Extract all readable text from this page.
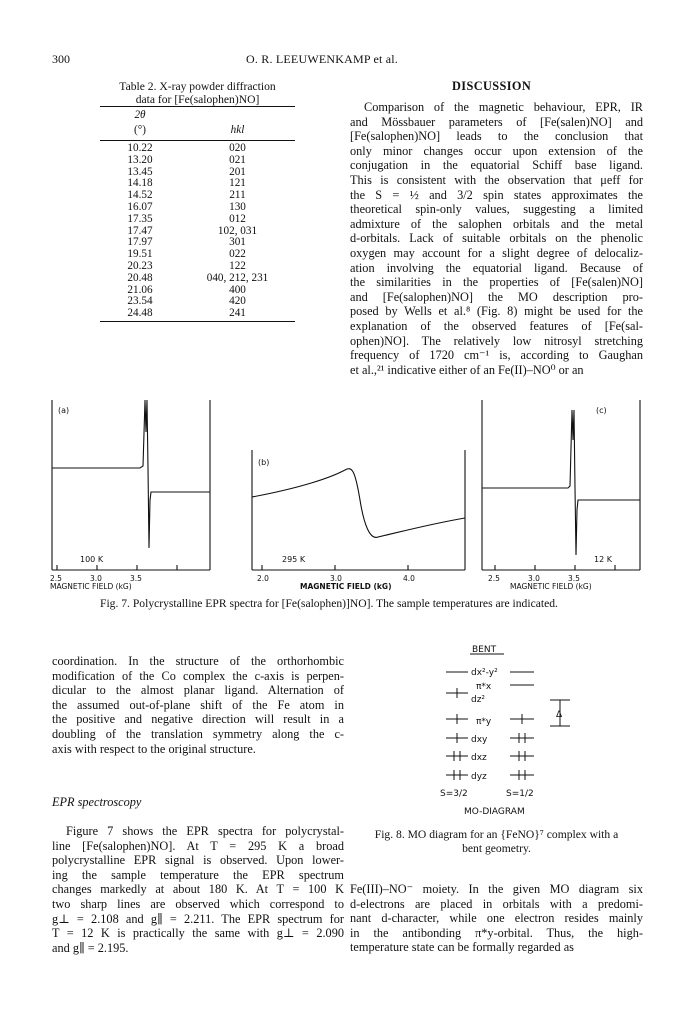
300	O. R. LEEUWENKAMP et al.
Table 2. X-ray powder diffraction
data for [Fe(salophen)NO]
2θ
(°)	hkl
10.22	020
13.20	021
13.45	201
14.18	121
14.52	211
16.07	130
17.35	012
17.47	102, 031
17.97	301
19.51	022
20.23	122
20.48	040, 212, 231
21.06	400
23.54	420
24.48	241
DISCUSSION
Comparison of the magnetic behaviour, EPR, IR
and Mössbauer parameters of [Fe(salen)NO] and
[Fe(salophen)NO] leads to the conclusion that
only minor changes occur upon extension of the
conjugation in the equatorial Schiff base ligand.
This is consistent with the observation that μeff for
the S = ½ and 3/2 spin states approximates the
theoretical spin-only values, suggesting a limited
admixture of the salophen orbitals and the metal
d-orbitals. Lack of suitable orbitals on the phenolic
oxygen may account for a slight degree of delocaliz-
ation involving the equatorial ligand. Because of
the similarities in the properties of [Fe(salen)NO]
and [Fe(salophen)NO] the MO description pro-
posed by Wells et al.⁸ (Fig. 8) might be used for the
explanation of the observed features of [Fe(sal-
ophen)NO]. The relatively low nitrosyl stretching
frequency of 1720 cm⁻¹ is, according to Gaughan
et al.,²¹ indicative either of an Fe(II)–NO⁰ or an
(a)
100 K
(b)
295 K
(c)
12 K
2.5	3.0	3.5
MAGNETIC FIELD (kG)
2.0	3.0	4.0
MAGNETIC FIELD (kG)
2.5	3.0	3.5
MAGNETIC FIELD (kG)
Fig. 7. Polycrystalline EPR spectra for [Fe(salophen)]NO]. The sample temperatures are indicated.
coordination. In the structure of the orthorhombic
modification of the Co complex the c-axis is perpen-
dicular to the almost planar ligand. Alternation of
the assumed out-of-plane shift of the Fe atom in
the positive and negative direction will result in a
doubling of the translation symmetry along the c-
axis with respect to the original structure.
EPR spectroscopy
Figure 7 shows the EPR spectra for polycrystal-
line [Fe(salophen)NO]. At T = 295 K a broad
polycrystalline EPR signal is observed. Upon lower-
ing the sample temperature the EPR spectrum
changes markedly at about 180 K. At T = 100 K
two sharp lines are observed which correspond to
g⊥ = 2.108 and g∥ = 2.211. The EPR spectrum for
T = 12 K is practically the same with g⊥ = 2.090
and g∥ = 2.195.
BENT
dx²-y²
π*x
dz²
π*y
dxy
dxz
dyz
Δ
S=3/2	S=1/2
MO-DIAGRAM
Fig. 8. MO diagram for an {FeNO}⁷ complex with a
bent geometry.
Fe(III)–NO⁻ moiety. In the given MO diagram six
d-electrons are placed in orbitals with a predomi-
nant d-character, while one electron resides mainly
in the antibonding π*y-orbital. Thus, the high-
temperature state can be formally regarded as
